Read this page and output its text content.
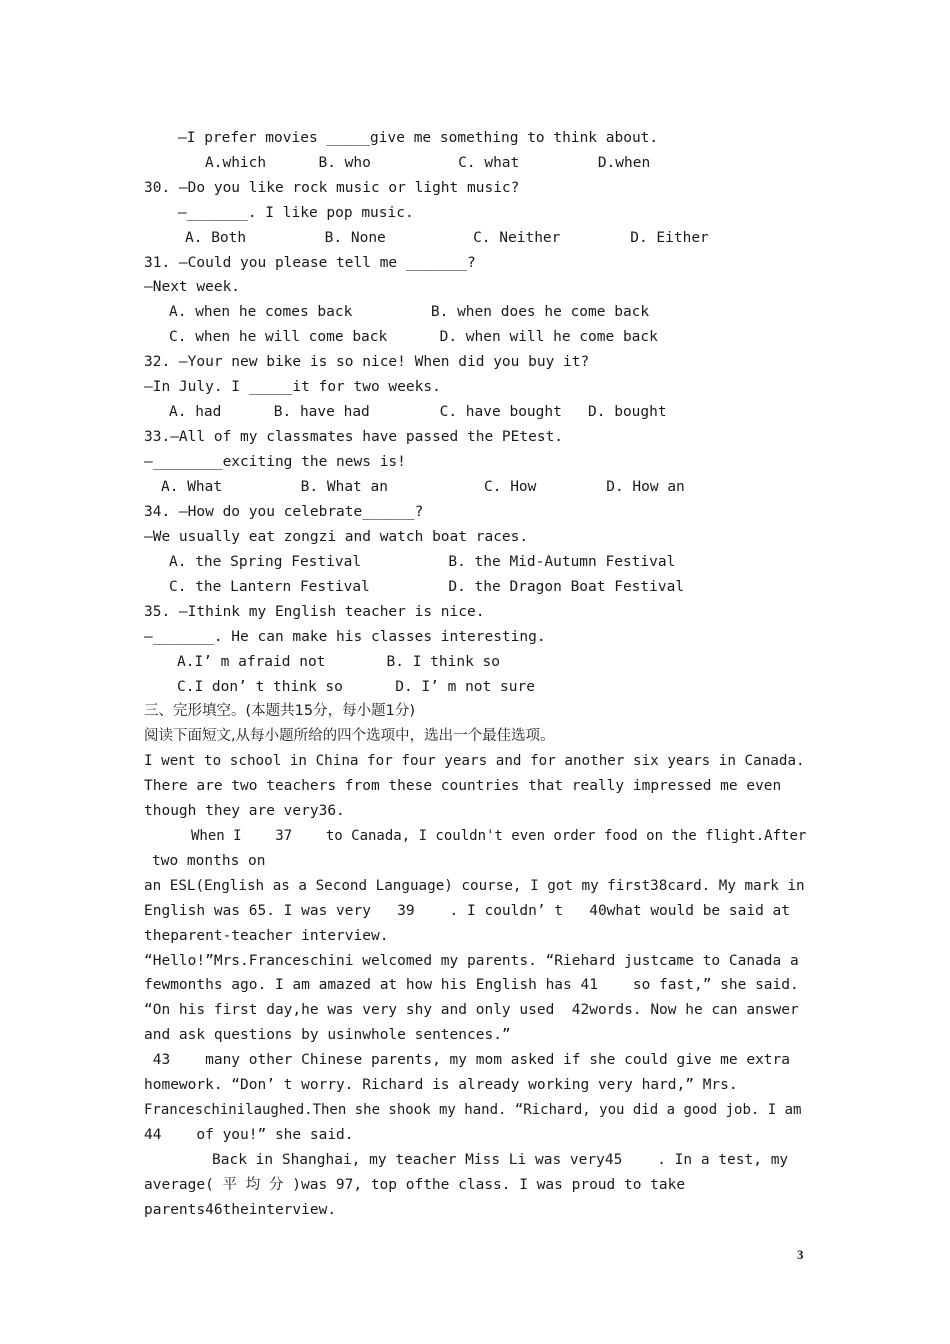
—I prefer movies _____give me something to think about.
A.which      B. who          C. what         D.when
30. —Do you like rock music or light music?
—_______. I like pop music.
A. Both         B. None          C. Neither        D. Either
31. —Could you please tell me _______?
—Next week.
A. when he comes back         B. when does he come back
C. when he will come back      D. when will he come back
32. —Your new bike is so nice! When did you buy it?
—In July. I _____it for two weeks.
A. had      B. have had        C. have bought   D. bought
33.—All of my classmates have passed the PEtest.
—________exciting the news is!
A. What         B. What an           C. How        D. How an
34. —How do you celebrate______?
—We usually eat zongzi and watch boat races.
A. the Spring Festival          B. the Mid-Autumn Festival
C. the Lantern Festival         D. the Dragon Boat Festival
35. —Ithink my English teacher is nice.
—_______. He can make his classes interesting.
A.I’ m afraid not       B. I think so
C.I don’ t think so      D. I’ m not sure
三、完形填空。(本题共15分，每小题1分)
阅读下面短文,从每小题所给的四个选项中，选出一个最佳选项。
I went to school in China for four years and for another six years in Canada.
There are two teachers from these countries that really impressed me even
though they are very36.
When I    37    to Canada, I couldn't even order food on the flight.After
two months on
an ESL(English as a Second Language) course, I got my first38card. My mark in
English was 65. I was very   39    . I couldn’ t   40what would be said at
theparent-teacher interview.
“Hello!”Mrs.Franceschini welcomed my parents. “Riehard justcame to Canada a
fewmonths ago. I am amazed at how his English has 41    so fast,” she said.
“On his first day,he was very shy and only used  42words. Now he can answer
and ask questions by usinwhole sentences.”
43    many other Chinese parents, my mom asked if she could give me extra
homework. “Don’ t worry. Richard is already working very hard,” Mrs.
Franceschinilaughed.Then she shook my hand. “Richard, you did a good job. I am
44    of you!” she said.
Back in Shanghai, my teacher Miss Li was very45    . In a test, my
average( 平 均 分 )was 97, top ofthe class. I was proud to take
parents46theinterview.
3
